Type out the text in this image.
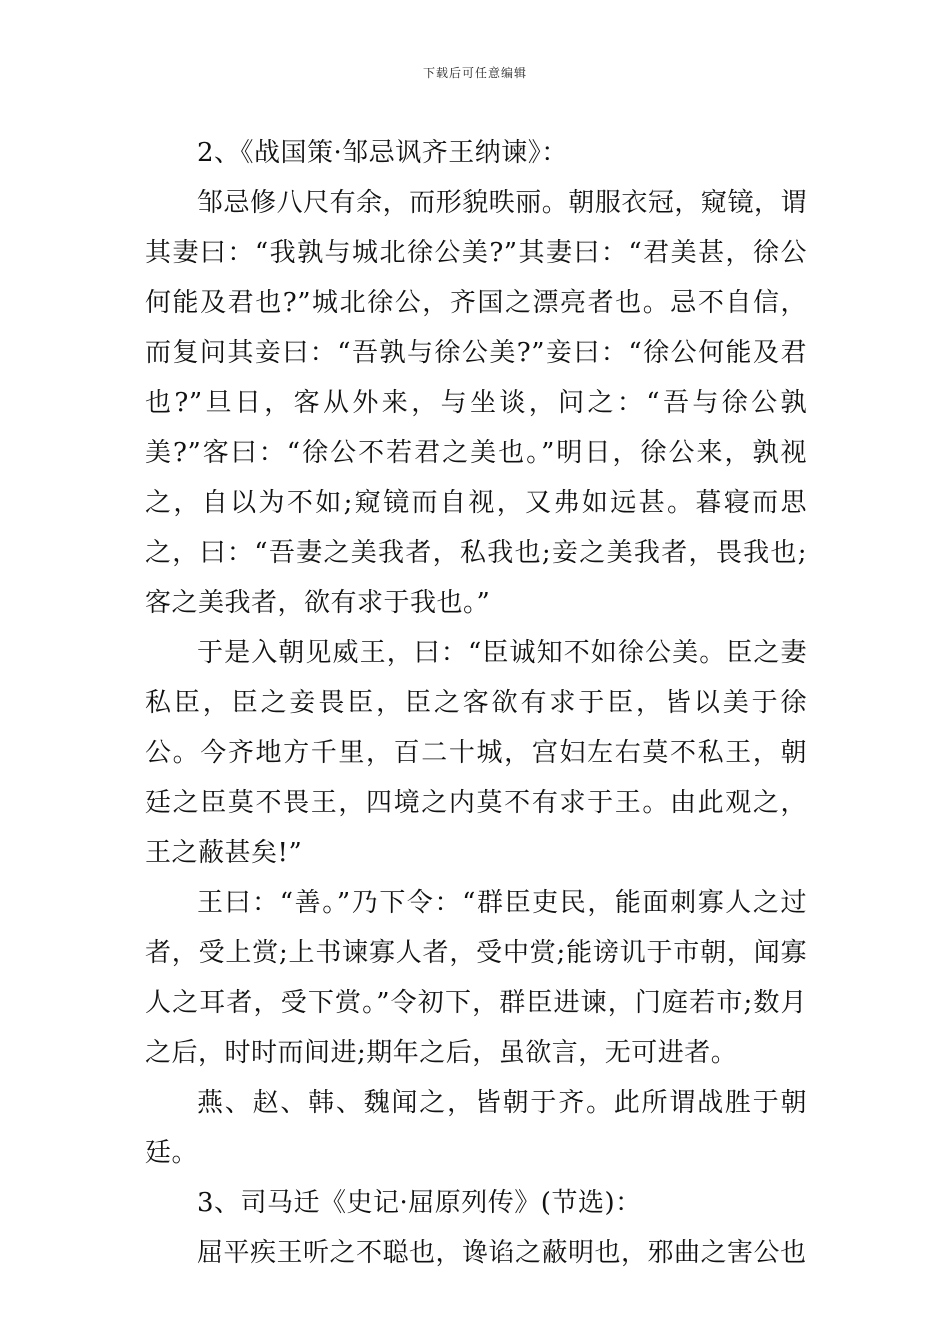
下载后可任意编辑

2、《战国策·邹忌讽齐王纳谏》：

邹忌修八尺有余，而形貌昳丽。朝服衣冠，窥镜，谓其妻曰：“我孰与城北徐公美?”其妻曰：“君美甚，徐公何能及君也?”城北徐公，齐国之漂亮者也。忌不自信，而复问其妾曰：“吾孰与徐公美?”妾曰：“徐公何能及君也?”旦日，客从外来，与坐谈，问之：“吾与徐公孰美?”客曰：“徐公不若君之美也。”明日，徐公来，孰视之，自以为不如;窥镜而自视，又弗如远甚。暮寝而思之，曰：“吾妻之美我者，私我也;妾之美我者，畏我也;客之美我者，欲有求于我也。”

于是入朝见威王，曰：“臣诚知不如徐公美。臣之妻私臣，臣之妾畏臣，臣之客欲有求于臣，皆以美于徐公。今齐地方千里，百二十城，宫妇左右莫不私王，朝廷之臣莫不畏王，四境之内莫不有求于王。由此观之，王之蔽甚矣!”

王曰：“善。”乃下令：“群臣吏民，能面刺寡人之过者，受上赏;上书谏寡人者，受中赏;能谤讥于市朝，闻寡人之耳者，受下赏。”令初下，群臣进谏，门庭若市;数月之后，时时而间进;期年之后，虽欲言，无可进者。

燕、赵、韩、魏闻之，皆朝于齐。此所谓战胜于朝廷。

3、司马迁《史记·屈原列传》(节选)：

屈平疾王听之不聪也，谗谄之蔽明也，邪曲之害公也
